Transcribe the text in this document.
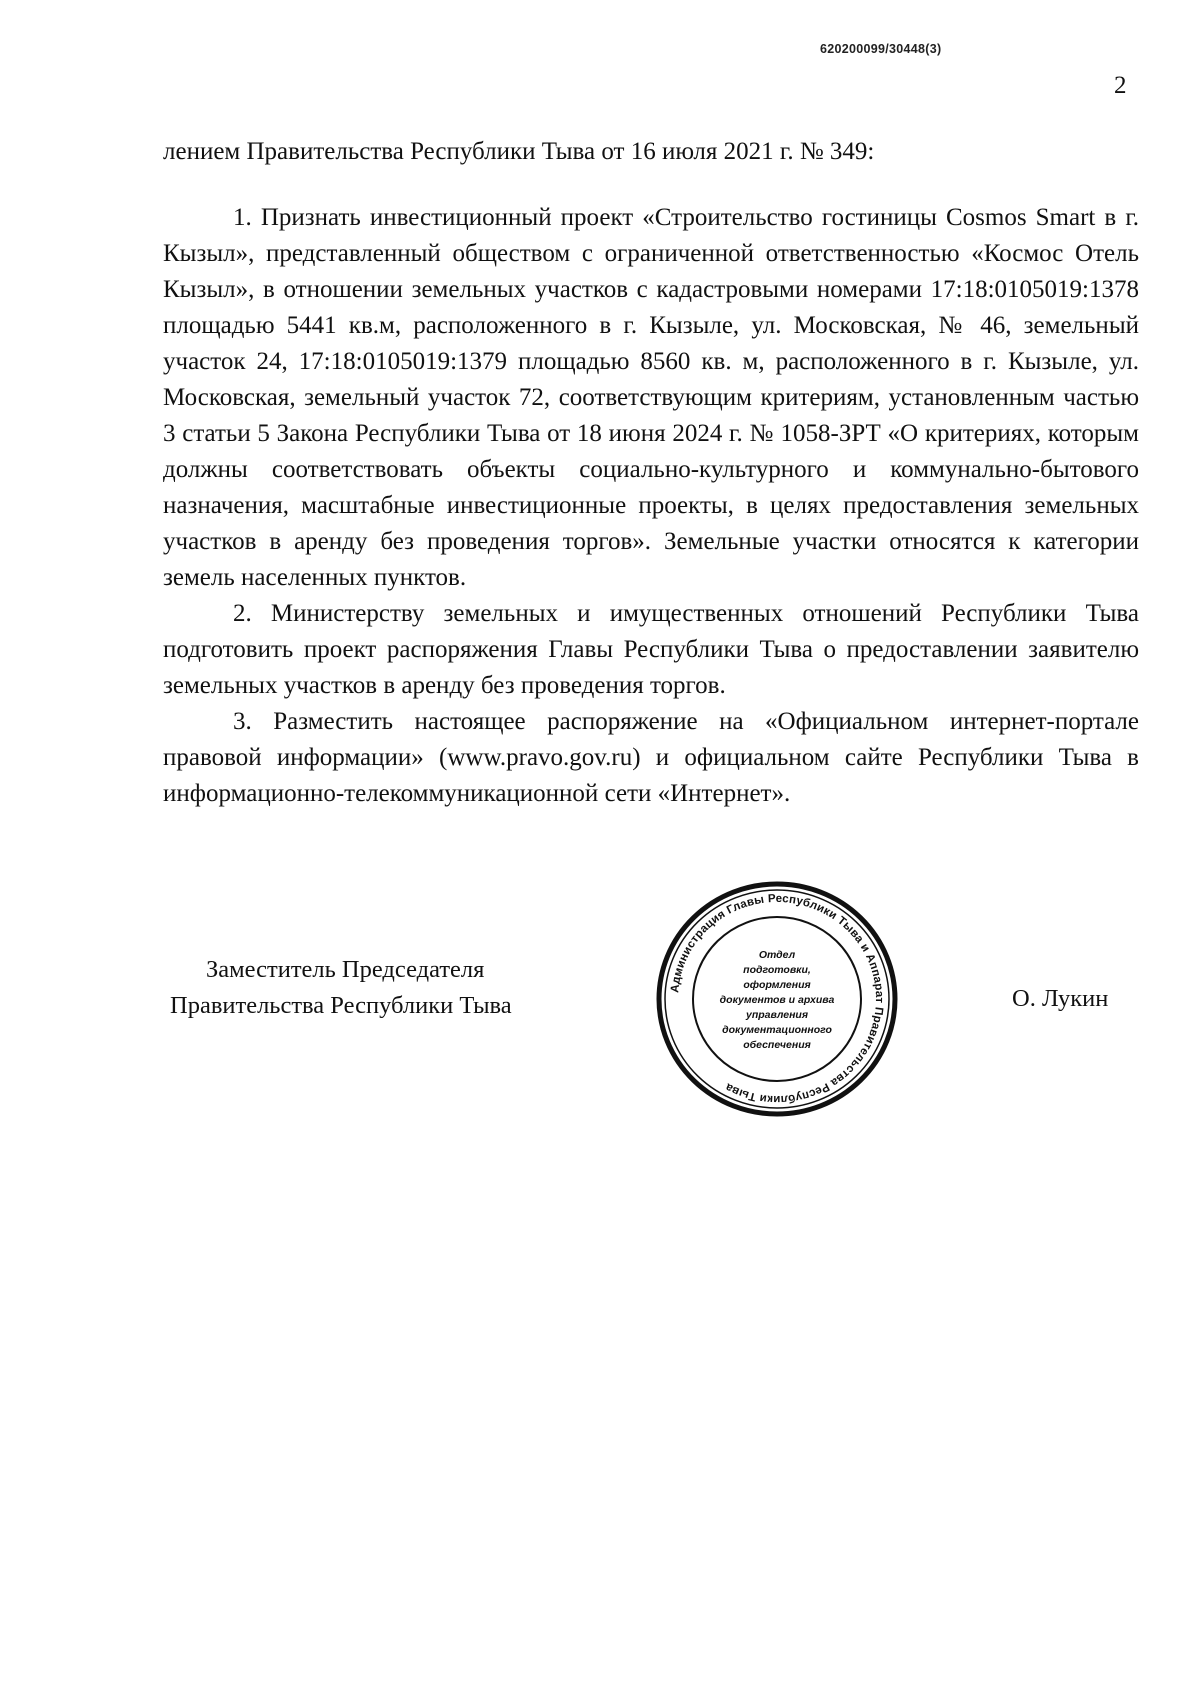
620200099/30448(3)
2
лением Правительства Республики Тыва от 16 июля 2021 г. № 349:

1. Признать инвестиционный проект «Строительство гостиницы Cosmos Smart в г. Кызыл», представленный обществом с ограниченной ответственностью «Космос Отель Кызыл», в отношении земельных участков с кадастровыми номерами 17:18:0105019:1378 площадью 5441 кв.м, расположенного в г. Кызыле, ул. Московская, № 46, земельный участок 24, 17:18:0105019:1379 площадью 8560 кв. м, расположенного в г. Кызыле, ул. Московская, земельный участок 72, соответствующим критериям, установленным частью 3 статьи 5 Закона Республики Тыва от 18 июня 2024 г. № 1058-ЗРТ «О критериях, которым должны соответствовать объекты социально-культурного и коммунально-бытового назначения, масштабные инвестиционные проекты, в целях предоставления земельных участков в аренду без проведения торгов». Земельные участки относятся к категории земель населенных пунктов.

2. Министерству земельных и имущественных отношений Республики Тыва подготовить проект распоряжения Главы Республики Тыва о предоставлении заявителю земельных участков в аренду без проведения торгов.

3. Разместить настоящее распоряжение на «Официальном интернет-портале правовой информации» (www.pravo.gov.ru) и официальном сайте Республики Тыва в информационно-телекоммуникационной сети «Интернет».

Заместитель Председателя
Правительства Республики Тыва
Администрация Главы Республики Тыва и Аппарат Правительства Республики Тыва
Отдел
подготовки,
оформления
документов и архива
управления
документационного
обеспечения
О. Лукин
